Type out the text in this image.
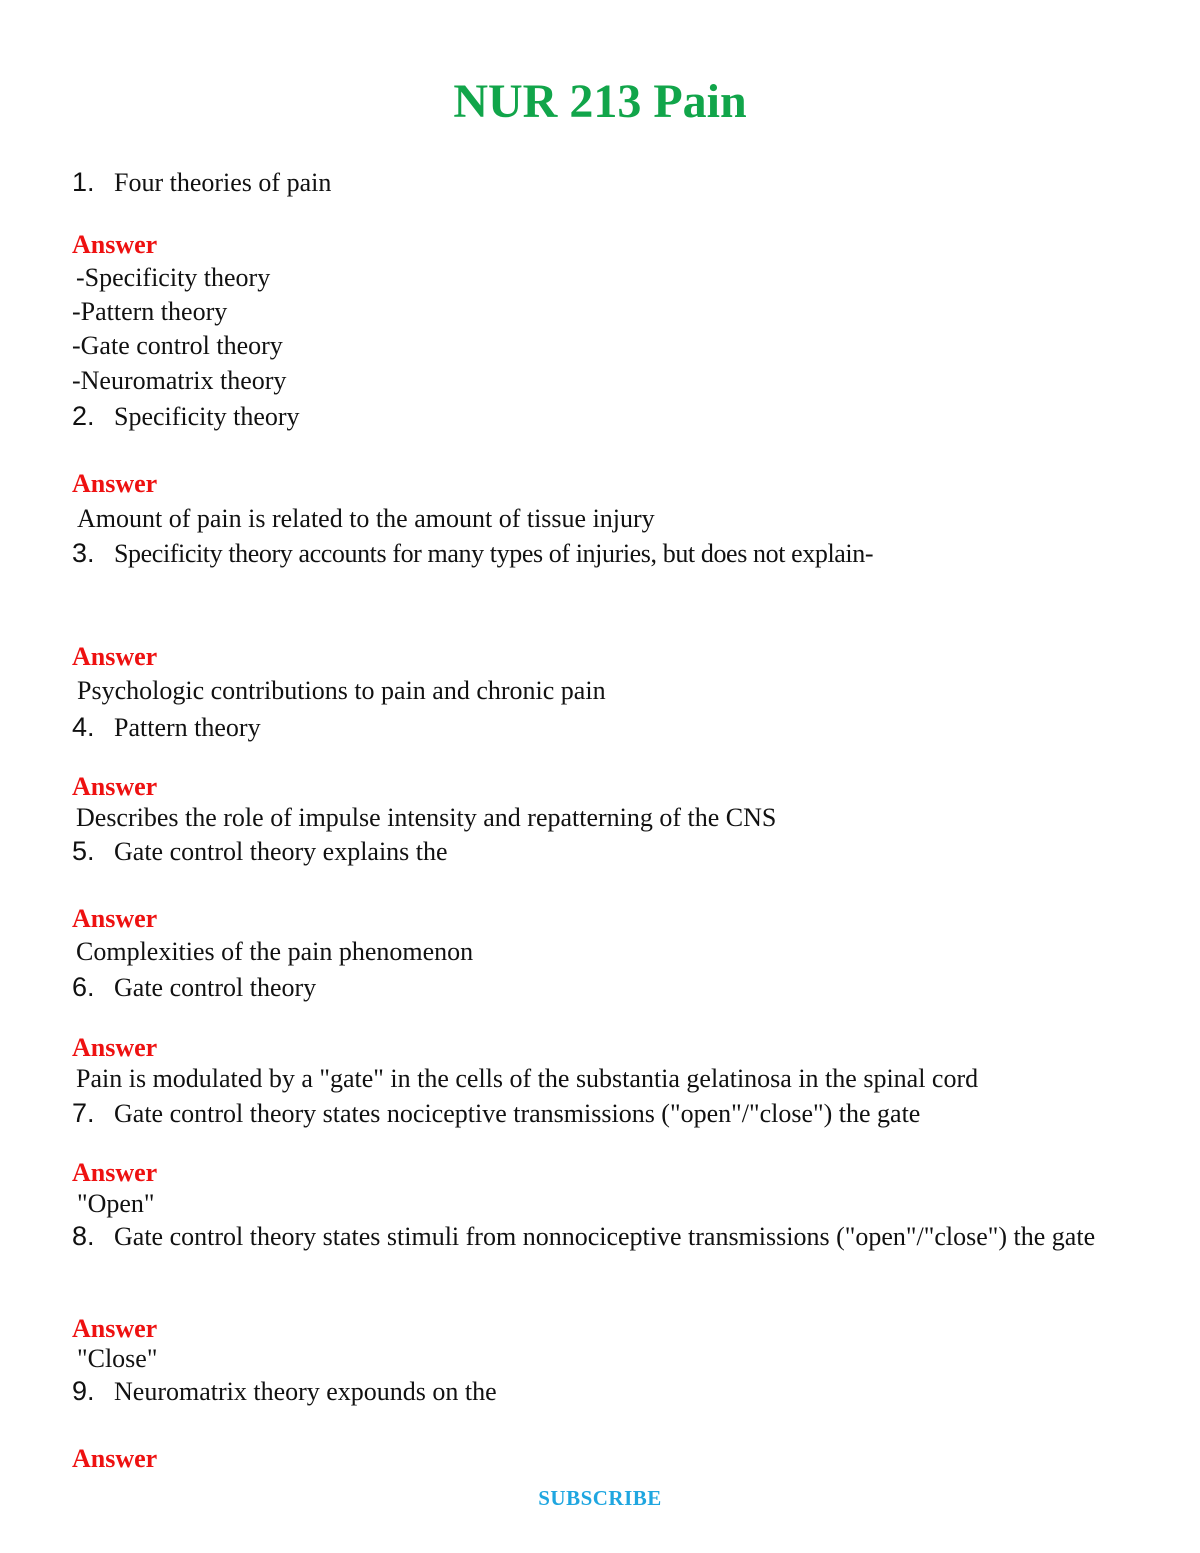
NUR 213 Pain
1. Four theories of pain
Answer
-Specificity theory
-Pattern theory
-Gate control theory
-Neuromatrix theory
2. Specificity theory
Answer
Amount of pain is related to the amount of tissue injury
3. Specificity theory accounts for many types of injuries, but does not explain-
Answer
Psychologic contributions to pain and chronic pain
4. Pattern theory
Answer
Describes the role of impulse intensity and repatterning of the CNS
5. Gate control theory explains the
Answer
Complexities of the pain phenomenon
6. Gate control theory
Answer
Pain is modulated by a "gate" in the cells of the substantia gelatinosa in the spinal cord
7. Gate control theory states nociceptive transmissions ("open"/"close") the gate
Answer
"Open"
8. Gate control theory states stimuli from nonnociceptive transmissions ("open"/"close") the gate
Answer
"Close"
9. Neuromatrix theory expounds on the
Answer
SUBSCRIBE
